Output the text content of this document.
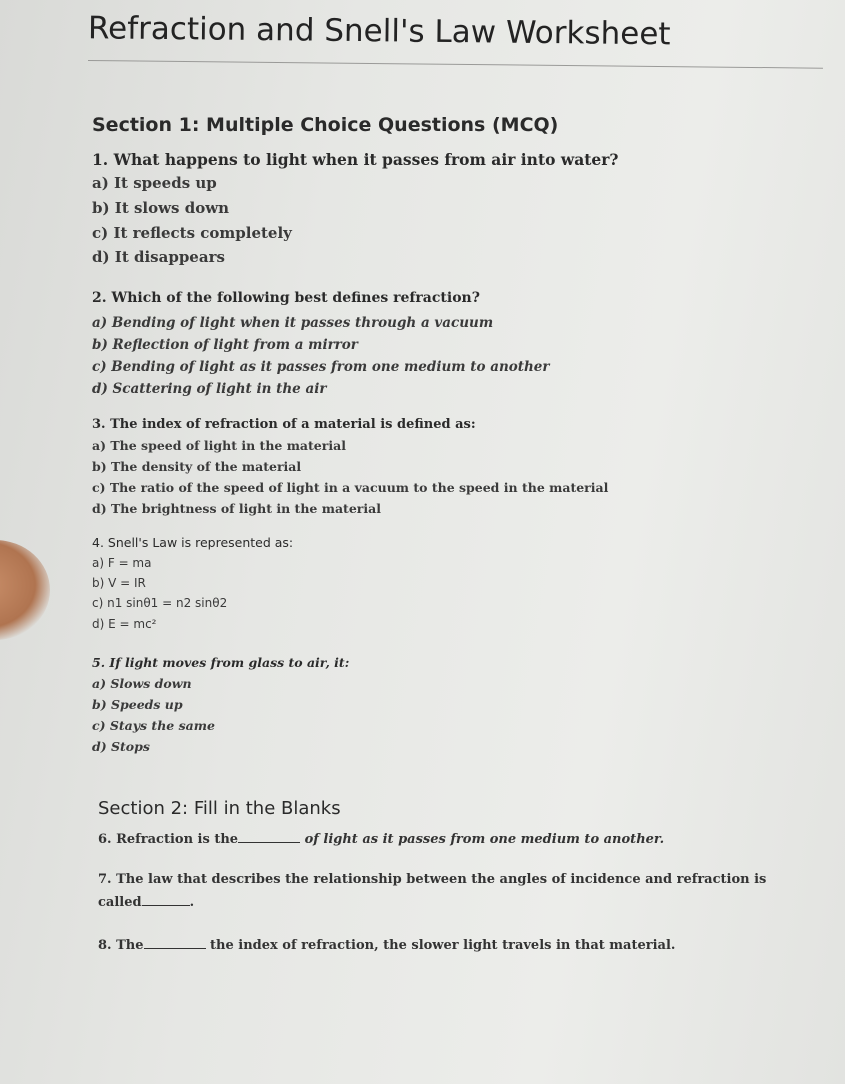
Refraction and Snell's Law Worksheet
Section 1: Multiple Choice Questions (MCQ)
1. What happens to light when it passes from air into water?
a) It speeds up
b) It slows down
c) It reflects completely
d) It disappears
2. Which of the following best defines refraction?
a) Bending of light when it passes through a vacuum
b) Reflection of light from a mirror
c) Bending of light as it passes from one medium to another
d) Scattering of light in the air
3. The index of refraction of a material is defined as:
a) The speed of light in the material
b) The density of the material
c) The ratio of the speed of light in a vacuum to the speed in the material
d) The brightness of light in the material
4. Snell's Law is represented as:
a) F = ma
b) V = IR
c) n1 sinθ1 = n2 sinθ2
d) E = mc²
5. If light moves from glass to air, it:
a) Slows down
b) Speeds up
c) Stays the same
d) Stops
Section 2: Fill in the Blanks
6. Refraction is the	of light as it passes from one medium to another.
7. The law that describes the relationship between the angles of incidence and refraction is
called	.
8. The	the index of refraction, the slower light travels in that material.
